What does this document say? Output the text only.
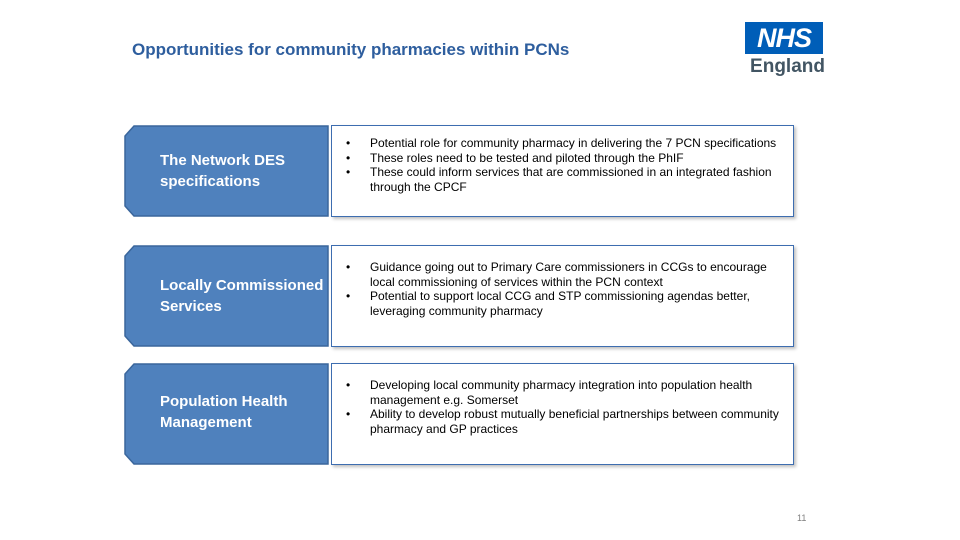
Opportunities for community pharmacies within PCNs	NHS
England
The Network DES specifications
• Potential role for community pharmacy in delivering the 7 PCN specifications
• These roles need to be tested and piloted through the PhIF
• These could inform services that are commissioned in an integrated fashion through the CPCF
Locally Commissioned Services
• Guidance going out to Primary Care commissioners in CCGs to encourage local commissioning of services within the PCN context
• Potential to support local CCG and STP commissioning agendas better, leveraging community pharmacy
Population Health Management
• Developing local community pharmacy integration into population health management e.g. Somerset
• Ability to develop robust mutually beneficial partnerships between community pharmacy and GP practices
11
